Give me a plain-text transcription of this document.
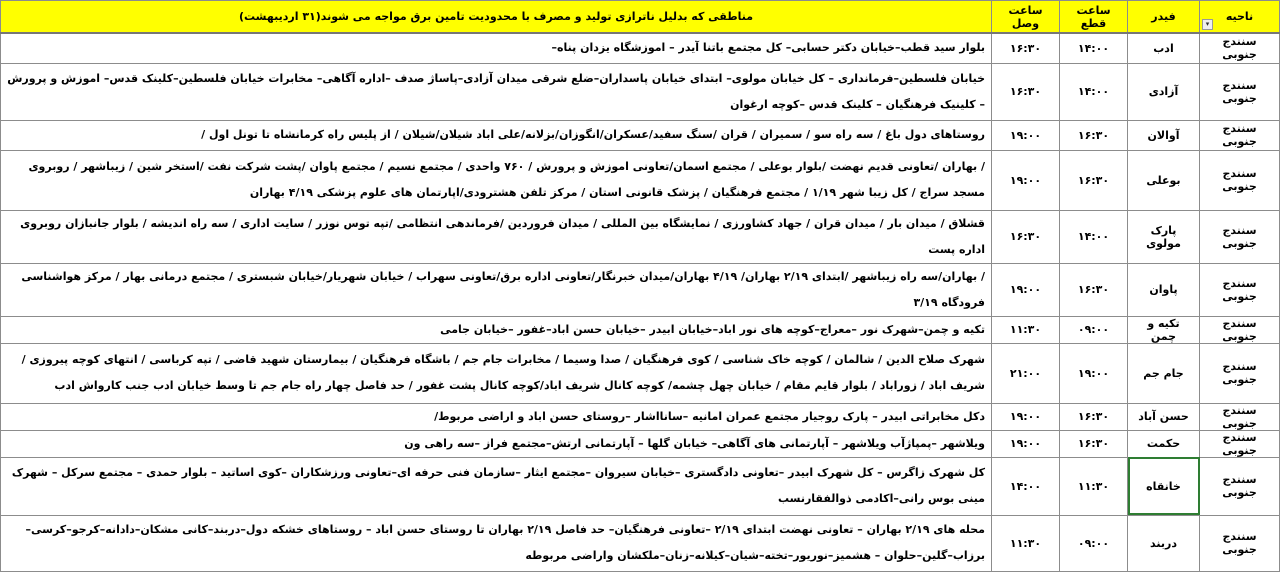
ناحیه
▾	فیدر	ساعت قطع	ساعت وصل	مناطقی که بدلیل ناترازی تولید و مصرف با محدودیت تامین برق مواجه می شوند(۳۱ اردیبهشت)
سنندج جنوبی	ادب	۱۴:۰۰	۱۶:۳۰	بلوار سید قطب–خیابان دکتر حسابی– کل مجتمع باتنا آیدر – اموزشگاه یزدان پناه–
سنندج جنوبی	آزادی	۱۴:۰۰	۱۶:۳۰	خیابان فلسطین–فرمانداری – کل خیابان مولوی– ابتدای خیابان پاسداران–ضلع شرقی میدان آزادی–پاساژ صدف –اداره آگاهی– مخابرات خیابان فلسطین–کلینک قدس– اموزش و پرورش – کلینیک فرهنگیان – کلینک قدس –کوچه ارغوان
سنندج جنوبی	آوالان	۱۶:۳۰	۱۹:۰۰	روستاهای دول باغ / سه راه سو / سمیران / قران /سنگ سفید/عسکران/انگوزان/بزلانه/علی اباد شیلان/شیلان / از پلیس راه کرمانشاه تا تونل اول /
سنندج جنوبی	بوعلی	۱۶:۳۰	۱۹:۰۰	/ بهاران /تعاونی قدیم نهضت /بلوار بوعلی / مجتمع اسمان/تعاونی اموزش و پرورش / ۷۶۰ واحدی / مجتمع نسیم / مجتمع پاوان /پشت شرکت نفت /استخر شین / زیباشهر / روبروی مسجد سراج / کل زیبا شهر ۱/۱۹ / مجتمع فرهنگیان / پزشک قانونی استان / مرکز تلفن هشترودی/اپارتمان های علوم پزشکی ۴/۱۹ بهاران
سنندج جنوبی	پارک مولوی	۱۴:۰۰	۱۶:۳۰	قشلاق / میدان بار / میدان قران / جهاد کشاورزی / نمایشگاه بین المللی / میدان فروردین /فرماندهی انتظامی /تپه توس نوزر / سایت اداری / سه راه اندیشه / بلوار جانبازان روبروی اداره پست
سنندج جنوبی	پاوان	۱۶:۳۰	۱۹:۰۰	/ بهاران/سه راه زیباشهر /ابتدای ۲/۱۹ بهاران/ ۴/۱۹ بهاران/میدان خبرنگار/تعاونی اداره برق/تعاونی سهراب / خیابان شهریار/خیابان شبستری / مجتمع درمانی بهار / مرکز هواشناسی فرودگاه ۳/۱۹
سنندج جنوبی	تکیه و چمن	۰۹:۰۰	۱۱:۳۰	تکیه و چمن–شهرک نور –معراج–کوچه های نور اباد–خیابان ابیدر –خیابان حسن اباد–غفور –خیابان جامی
سنندج جنوبی	جام جم	۱۹:۰۰	۲۱:۰۰	شهرک صلاح الدین / شالمان / کوچه خاک شناسی / کوی فرهنگیان / صدا وسیما / مخابرات جام جم / باشگاه فرهنگیان / بیمارستان شهید قاضی / تپه کرباسی / انتهای کوچه پیروزی / شریف اباد / زوراباد / بلوار قایم مقام / خیابان چهل چشمه/ کوچه کانال شریف اباد/کوچه کانال پشت غفور / حد فاصل چهار راه جام جم تا وسط خیابان ادب جنب کارواش ادب
سنندج جنوبی	حسن آباد	۱۶:۳۰	۱۹:۰۰	دکل مخابراتی ابیدر – پارک روجیار مجتمع عمران امانیه –سانااشار –روستای حسن اباد و اراضی مربوط/
سنندج جنوبی	حکمت	۱۶:۳۰	۱۹:۰۰	ویلاشهر –پمپاژآب ویلاشهر – آپارتمانی های آگاهی– خیابان گلها – آپارتمانی ارتش–مجتمع فراز –سه راهی ون
سنندج جنوبی	خانقاه	۱۱:۳۰	۱۴:۰۰	کل شهرک زاگرس – کل شهرک ابیدر –تعاونی دادگستری –خیابان سیروان –مجتمع ایثار –سازمان فنی حرفه ای–تعاونی ورزشکاران –کوی اساتید – بلوار حمدی – مجتمع سرکل – شهرک مینی بوس رانی–اکادمی ذوالفقارنسب
سنندج جنوبی	دربند	۰۹:۰۰	۱۱:۳۰	محله های ۲/۱۹ بهاران – تعاونی نهضت ابتدای ۲/۱۹ –تعاونی فرهنگیان– حد فاصل ۲/۱۹ بهاران تا روستای حسن اباد – روستاهای خشکه دول–دربند–کانی مشکان–دادانه–کرجو–کرسی–برزاب–گلین–حلوان – هشمیز–نوریور–تخته–شیان–کیلانه–زنان–ملکشان واراضی مربوطه
